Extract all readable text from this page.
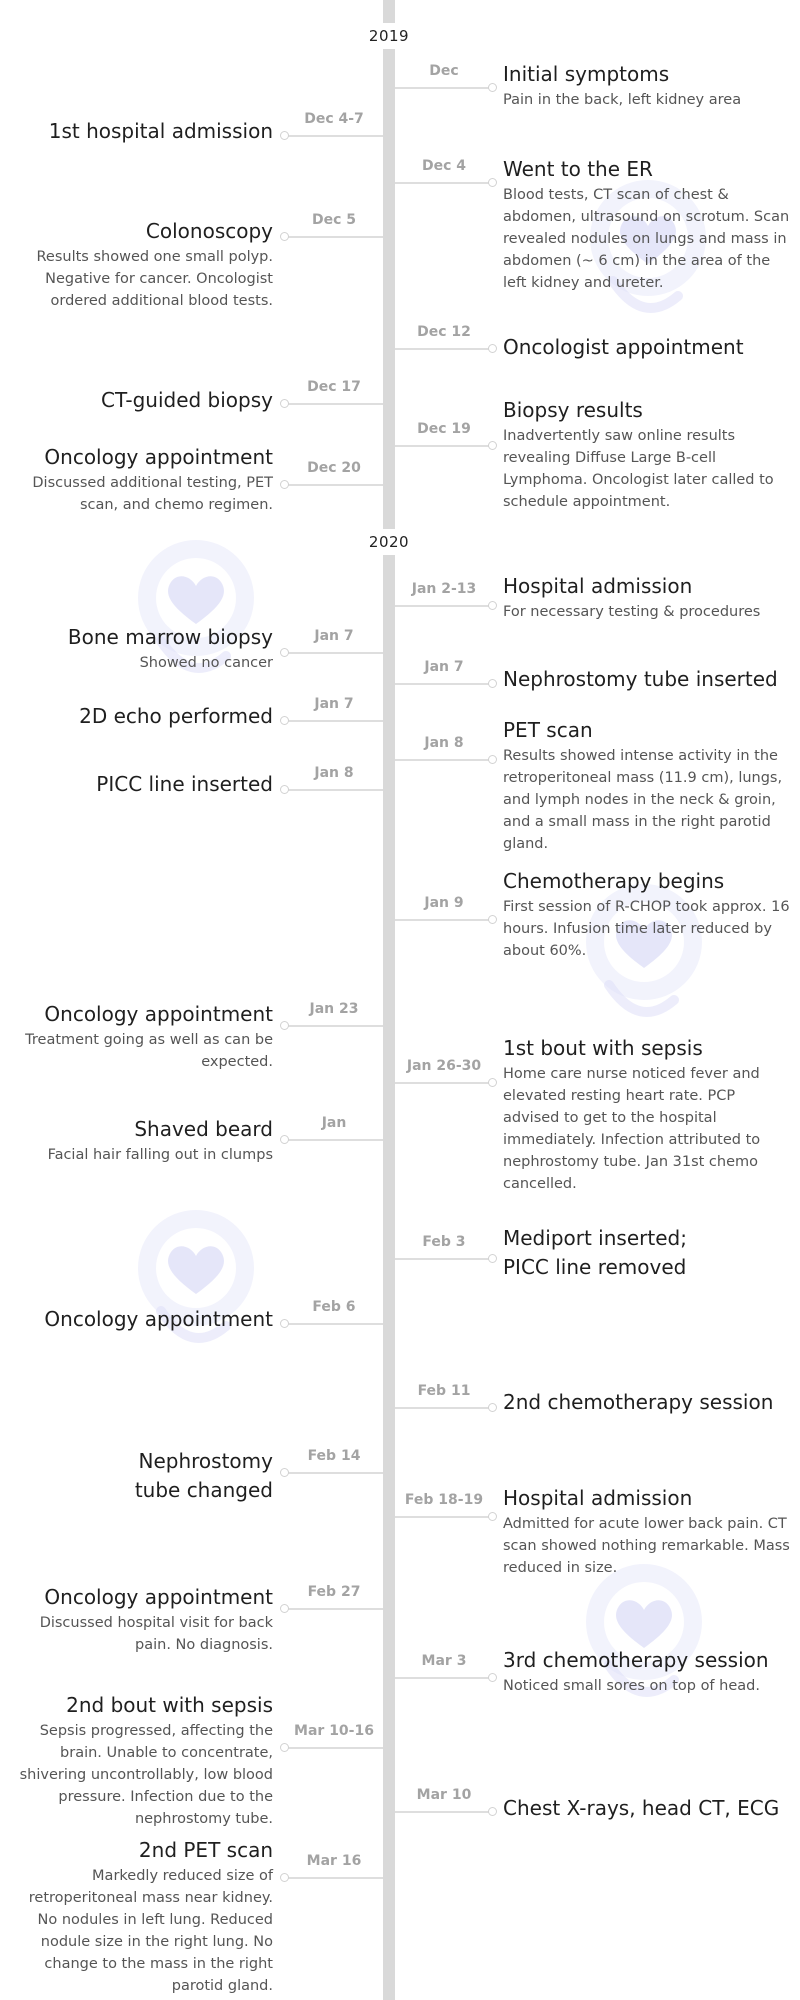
2019
2020
Dec	Initial symptoms
Pain in the back, left kidney area
Dec 4-7
1st hospital admission
Dec 4	Went to the ER
Blood tests, CT scan of chest & abdomen, ultrasound on scrotum. Scan revealed nodules on lungs and mass in abdomen (~ 6 cm) in the area of the left kidney and ureter.
Dec 5
Colonoscopy
Results showed one small polyp. Negative for cancer. Oncologist ordered additional blood tests.
Dec 12
Oncologist appointment
Dec 17
CT-guided biopsy
Dec 19
Biopsy results
Inadvertently saw online results revealing Diffuse Large B-cell Lymphoma. Oncologist later called to schedule appointment.
Dec 20
Oncology appointment
Discussed additional testing, PET scan, and chemo regimen.
Jan 2-13	Hospital admission
For necessary testing & procedures
Jan 7
Bone marrow biopsy
Showed no cancer	Jan 7	Nephrostomy tube inserted
Jan 7
2D echo performed
Jan 8
PET scan
Results showed intense activity in the retroperitoneal mass (11.9 cm), lungs, and lymph nodes in the neck & groin, and a small mass in the right parotid gland.
Jan 8
PICC line inserted
Jan 9
Chemotherapy begins
First session of R-CHOP took approx. 16 hours. Infusion time later reduced by about 60%.
Jan 23
Oncology appointment
Treatment going as well as can be expected.	Jan 26-30
1st bout with sepsis
Home care nurse noticed fever and elevated resting heart rate. PCP advised to get to the hospital immediately. Infection attributed to nephrostomy tube. Jan 31st chemo cancelled.
Jan
Shaved beard
Facial hair falling out in clumps
Feb 3	Mediport inserted; PICC line removed
Feb 6
Oncology appointment
Feb 11	2nd chemotherapy session
Feb 14
Nephrostomy tube changed	Feb 18-19 Hospital admission
Admitted for acute lower back pain. CT scan showed nothing remarkable. Mass reduced in size.
Feb 27
Oncology appointment
Discussed hospital visit for back pain. No diagnosis.
Mar 3	3rd chemotherapy session
Noticed small sores on top of head.
Mar 10-16
2nd bout with sepsis
Sepsis progressed, affecting the brain. Unable to concentrate, shivering uncontrollably, low blood pressure. Infection due to the nephrostomy tube.
Mar 10
Chest X-rays, head CT, ECG
Mar 16
2nd PET scan
Markedly reduced size of retroperitoneal mass near kidney. No nodules in left lung. Reduced nodule size in the right lung. No change to the mass in the right parotid gland.
